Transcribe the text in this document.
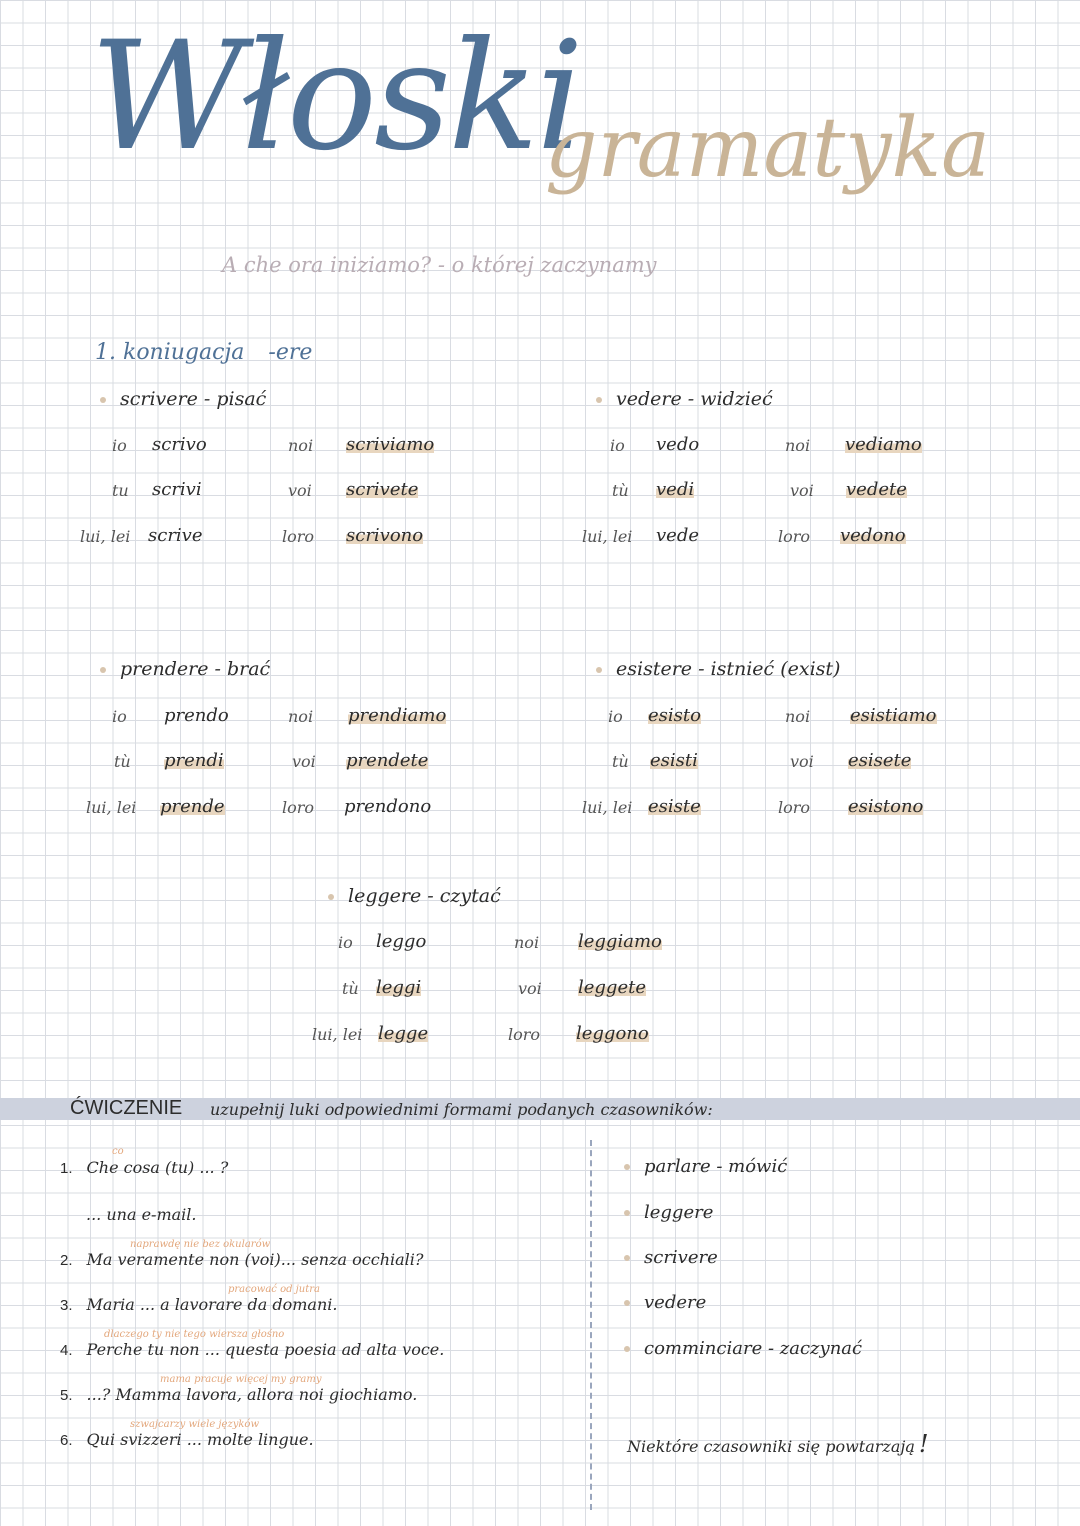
Włoski
gramatyka
A che ora iniziamo? - o której zaczynamy
1. koniugacja -ere
scrivere - pisać
io scrivo	noi scriviamo
tu scrivi	voi scrivete
lui, lei scrive	loro scrivono
vedere - widzieć
io vedo	noi vediamo
tù vedi	voi vedete
lui, lei vede	loro vedono
prendere - brać
io prendo	noi prendiamo
tù prendi	voi prendete
lui, lei prende	loro prendono
esistere - istnieć (exist)
io esisto	noi esistiamo
tù esisti	voi esisete
lui, lei esiste	loro esistono
leggere - czytać
io leggo	noi leggiamo
tù leggi	voi leggete
lui, lei legge	loro leggono
ĆWICZENIE uzupełnij luki odpowiednimi formami podanych czasowników:
co
1. Che cosa (tu) ... ?
... una e-mail.
naprawdę nie bez okularów
2. Ma veramente non (voi)... senza occhiali?
pracować od jutra
3. Maria ... a lavorare da domani.
dlaczego ty nie tego wiersza głośno
4. Perche tu non ... questa poesia ad alta voce.
mama pracuje więcej my gramy
5. ...? Mamma lavora, allora noi giochiamo.
szwajcarzy wiele języków
6. Qui svizzeri ... molte lingue.
parlare - mówić
leggere
scrivere
vedere
comminciare - zaczynać
Niektóre czasowniki się powtarzają !
